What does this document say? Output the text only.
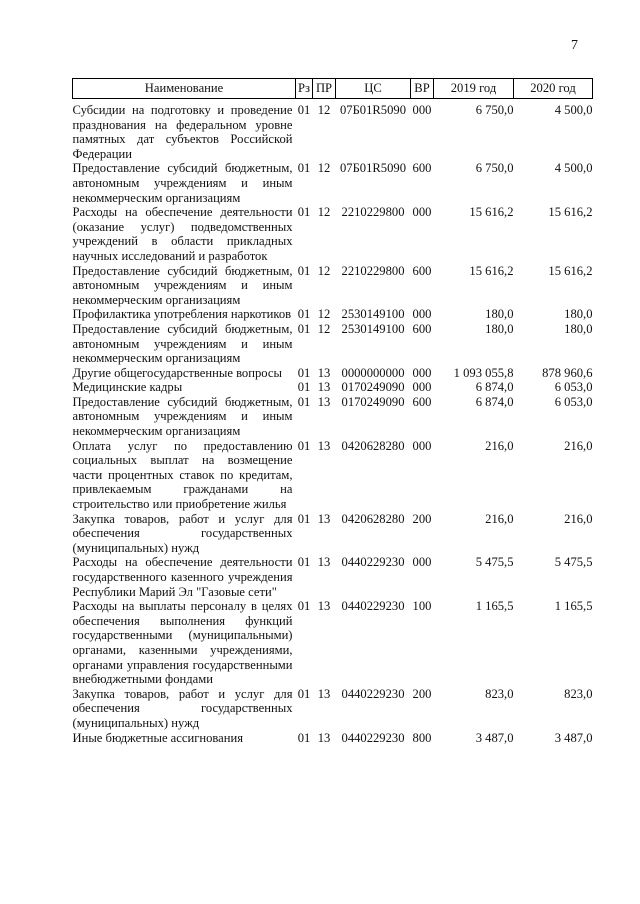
7
Наименование	Рз	ПР	ЦС	ВР	2019 год	2020 год
Субсидии на подготовку и проведение празднования на федеральном уровне памятных дат субъектов Российской Федерации	01	12	07Б01R5090	000	6 750,0	4 500,0
Предоставление субсидий бюджетным, автономным учреждениям и иным некоммерческим организациям	01	12	07Б01R5090	600	6 750,0	4 500,0
Расходы на обеспечение деятельности (оказание услуг) подведомственных учреждений в области прикладных научных исследований и разработок	01	12	2210229800	000	15 616,2	15 616,2
Предоставление субсидий бюджетным, автономным учреждениям и иным некоммерческим организациям	01	12	2210229800	600	15 616,2	15 616,2
Профилактика употребления наркотиков	01	12	2530149100	000	180,0	180,0
Предоставление субсидий бюджетным, автономным учреждениям и иным некоммерческим организациям	01	12	2530149100	600	180,0	180,0
Другие общегосударственные вопросы	01	13	0000000000	000	1 093 055,8	878 960,6
Медицинские кадры	01	13	0170249090	000	6 874,0	6 053,0
Предоставление субсидий бюджетным, автономным учреждениям и иным некоммерческим организациям	01	13	0170249090	600	6 874,0	6 053,0
Оплата услуг по предоставлению социальных выплат на возмещение части процентных ставок по кредитам, привлекаемым гражданами на строительство или приобретение жилья	01	13	0420628280	000	216,0	216,0
Закупка товаров, работ и услуг для обеспечения государственных (муниципальных) нужд	01	13	0420628280	200	216,0	216,0
Расходы на обеспечение деятельности государственного казенного учреждения Республики Марий Эл "Газовые сети"	01	13	0440229230	000	5 475,5	5 475,5
Расходы на выплаты персоналу в целях обеспечения выполнения функций государственными (муниципальными) органами, казенными учреждениями, органами управления государственными внебюджетными фондами	01	13	0440229230	100	1 165,5	1 165,5
Закупка товаров, работ и услуг для обеспечения государственных (муниципальных) нужд	01	13	0440229230	200	823,0	823,0
Иные бюджетные ассигнования	01	13	0440229230	800	3 487,0	3 487,0
